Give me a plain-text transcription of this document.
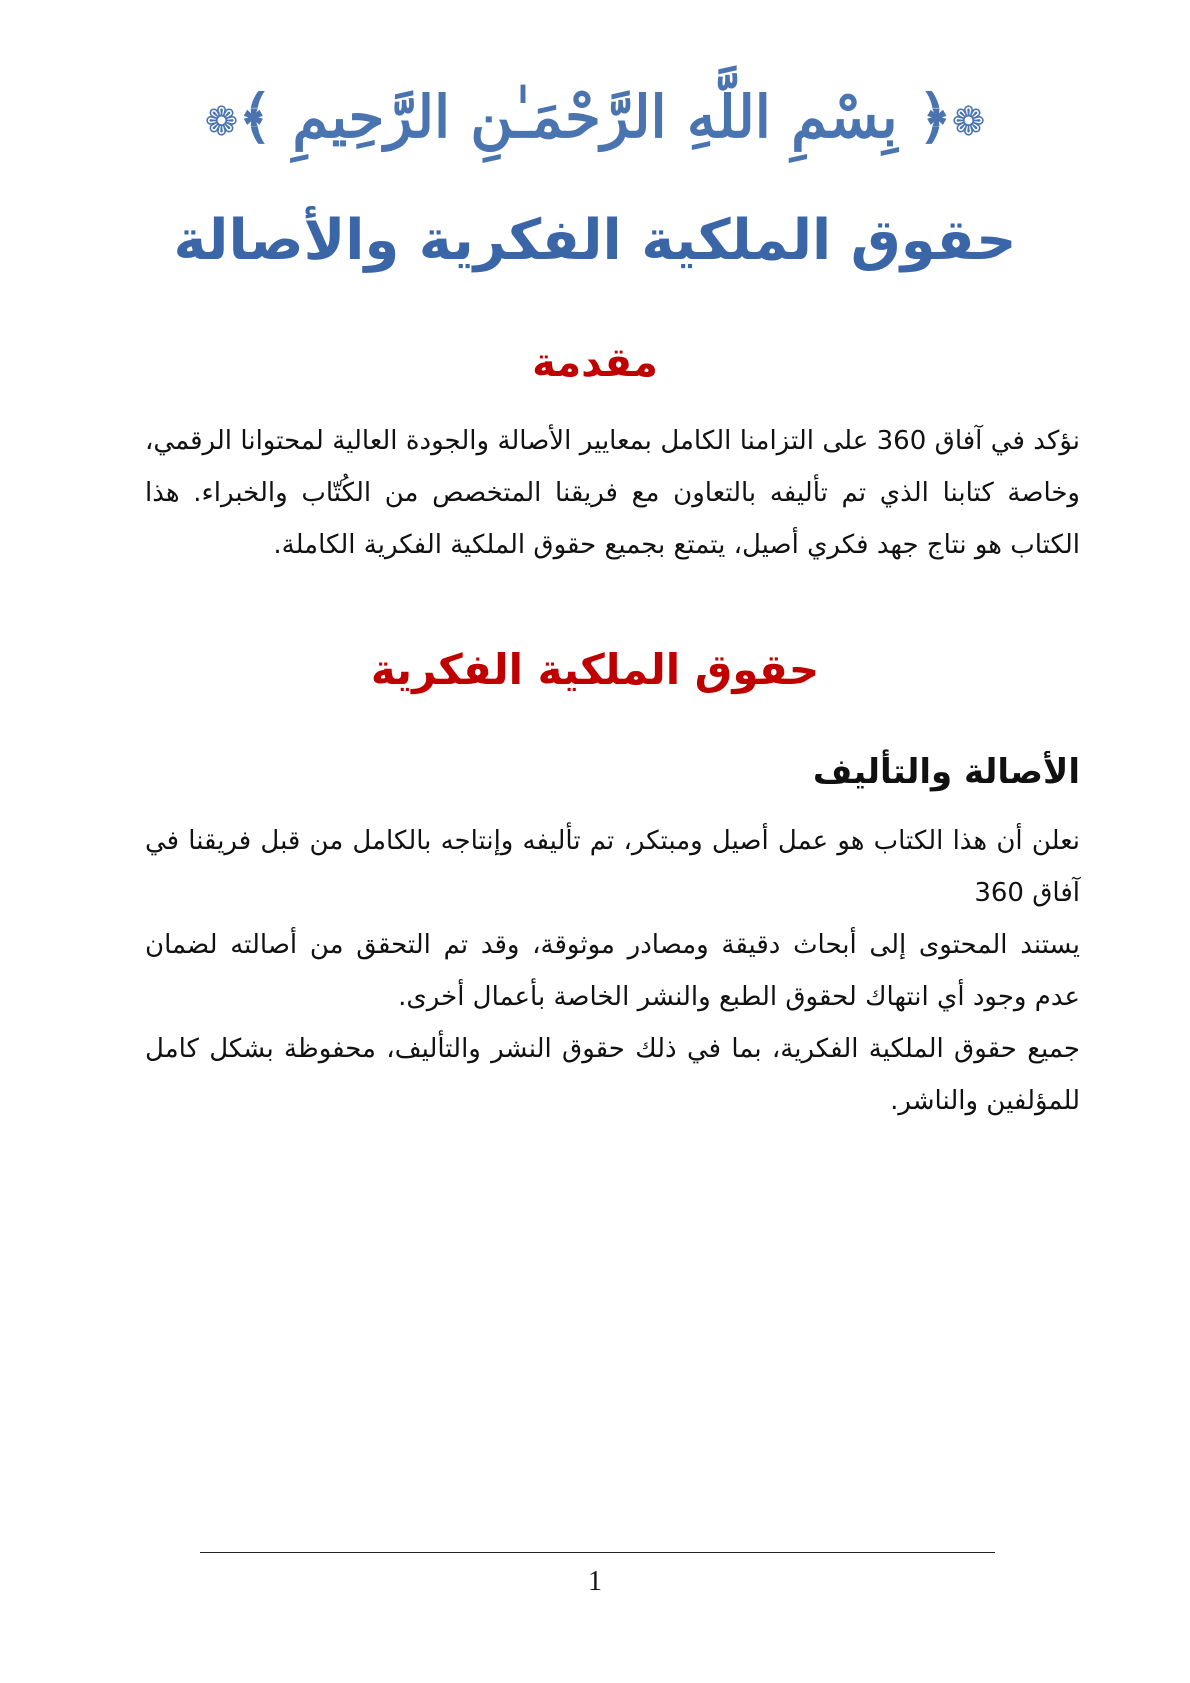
❁﴿ بِسْمِ اللَّهِ الرَّحْمَـٰنِ الرَّحِيمِ ﴾❁
حقوق الملكية الفكرية والأصالة
مقدمة
نؤكد في آفاق 360 على التزامنا الكامل بمعايير الأصالة والجودة العالية لمحتوانا الرقمي، وخاصة كتابنا الذي تم تأليفه بالتعاون مع فريقنا المتخصص من الكُتّاب والخبراء. هذا الكتاب هو نتاج جهد فكري أصيل، يتمتع بجميع حقوق الملكية الفكرية الكاملة.
حقوق الملكية الفكرية
الأصالة والتأليف

نعلن أن هذا الكتاب هو عمل أصيل ومبتكر، تم تأليفه وإنتاجه بالكامل من قبل فريقنا في آفاق 360

يستند المحتوى إلى أبحاث دقيقة ومصادر موثوقة، وقد تم التحقق من أصالته لضمان عدم وجود أي انتهاك لحقوق الطبع والنشر الخاصة بأعمال أخرى.

جميع حقوق الملكية الفكرية، بما في ذلك حقوق النشر والتأليف، محفوظة بشكل كامل للمؤلفين والناشر.

1
